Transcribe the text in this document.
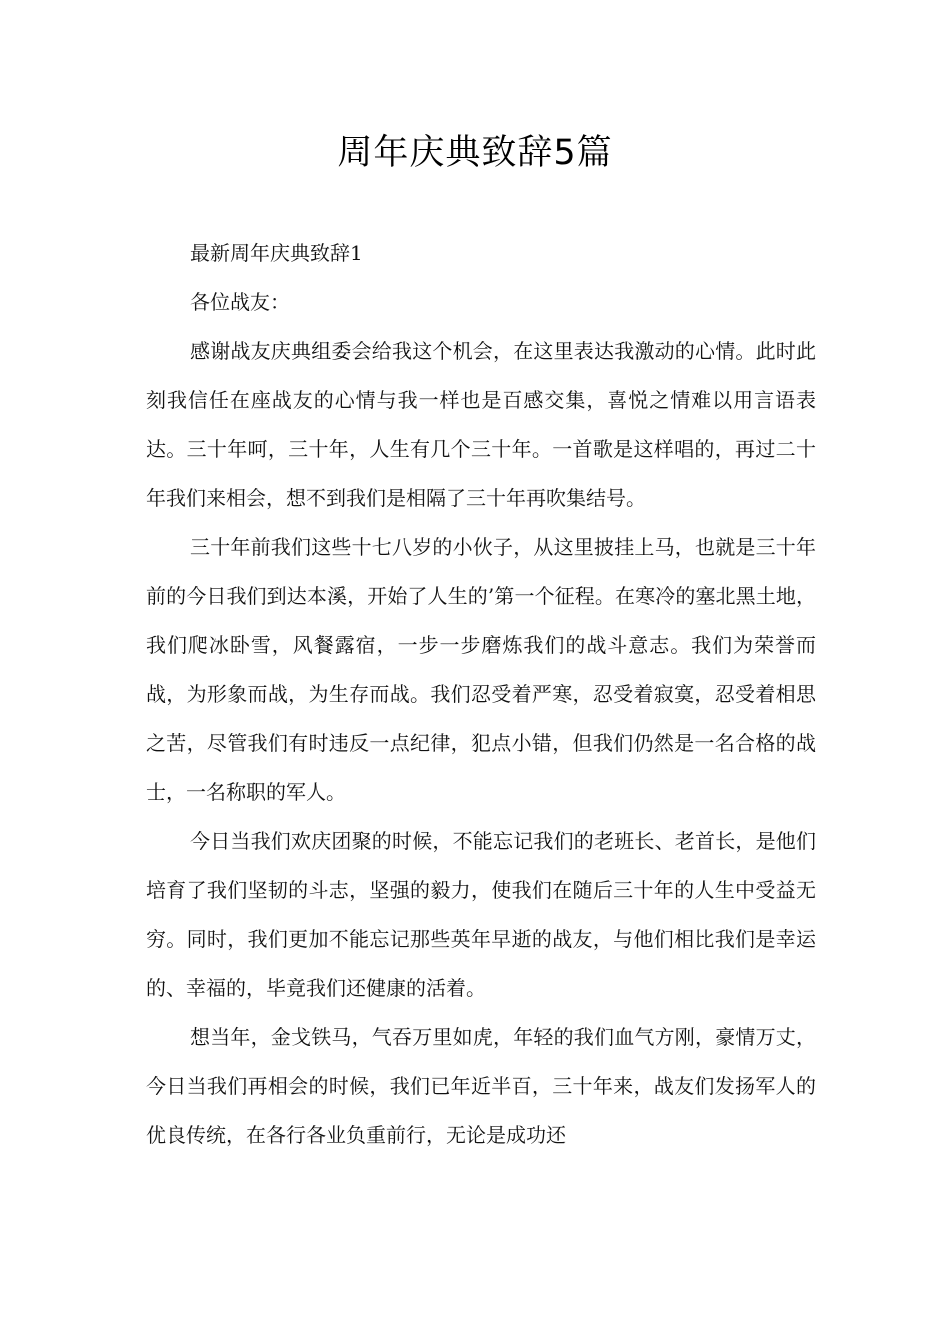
周年庆典致辞5篇

最新周年庆典致辞1

各位战友：

感谢战友庆典组委会给我这个机会，在这里表达我激动的心情。此时此刻我信任在座战友的心情与我一样也是百感交集，喜悦之情难以用言语表达。三十年呵，三十年，人生有几个三十年。一首歌是这样唱的，再过二十年我们来相会，想不到我们是相隔了三十年再吹集结号。

三十年前我们这些十七八岁的小伙子，从这里披挂上马，也就是三十年前的今日我们到达本溪，开始了人生的’第一个征程。在寒冷的塞北黑土地，我们爬冰卧雪，风餐露宿，一步一步磨炼我们的战斗意志。我们为荣誉而战，为形象而战，为生存而战。我们忍受着严寒，忍受着寂寞，忍受着相思之苦，尽管我们有时违反一点纪律，犯点小错，但我们仍然是一名合格的战士，一名称职的军人。

今日当我们欢庆团聚的时候，不能忘记我们的老班长、老首长，是他们培育了我们坚韧的斗志，坚强的毅力，使我们在随后三十年的人生中受益无穷。同时，我们更加不能忘记那些英年早逝的战友，与他们相比我们是幸运的、幸福的，毕竟我们还健康的活着。

想当年，金戈铁马，气吞万里如虎，年轻的我们血气方刚，豪情万丈，今日当我们再相会的时候，我们已年近半百，三十年来，战友们发扬军人的优良传统，在各行各业负重前行，无论是成功还
